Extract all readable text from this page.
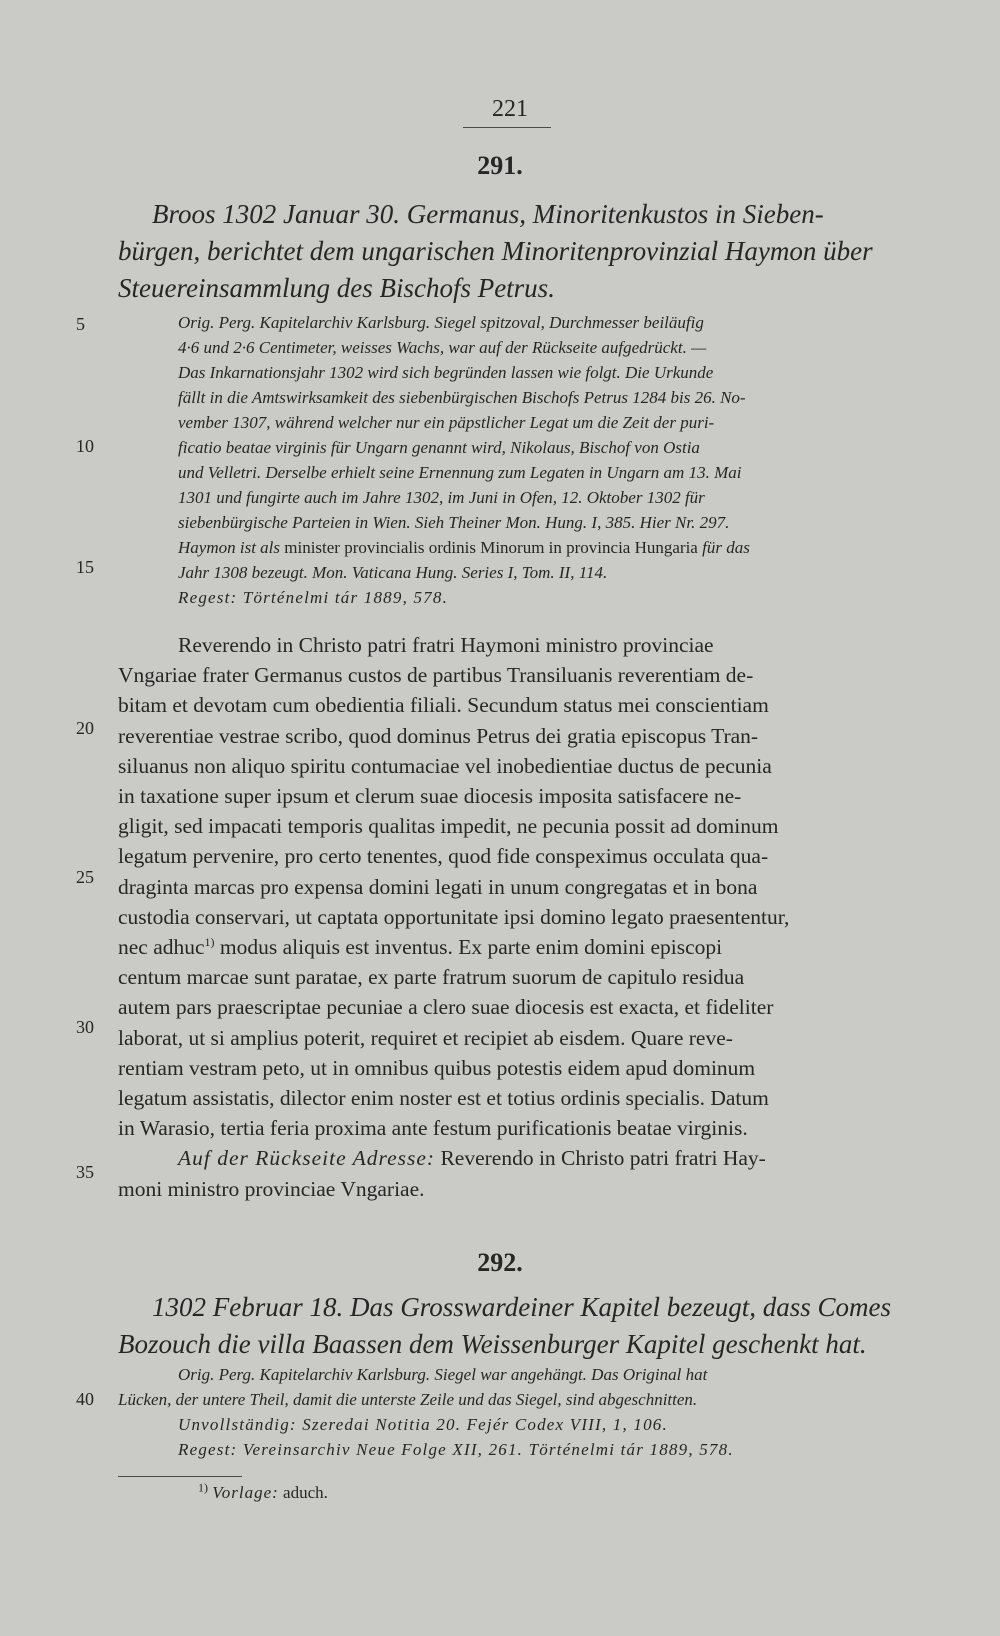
221
5
10
15
20
25
30
35
40
291.
Broos 1302 Januar 30. Germanus, Minoritenkustos in Sieben-
bürgen, berichtet dem ungarischen Minoritenprovinzial Haymon über
Steuereinsammlung des Bischofs Petrus.
Orig. Perg. Kapitelarchiv Karlsburg. Siegel spitzoval, Durchmesser beiläufig
4·6 und 2·6 Centimeter, weisses Wachs, war auf der Rückseite aufgedrückt. —
Das Inkarnationsjahr 1302 wird sich begründen lassen wie folgt. Die Urkunde
fällt in die Amtswirksamkeit des siebenbürgischen Bischofs Petrus 1284 bis 26. No-
vember 1307, während welcher nur ein päpstlicher Legat um die Zeit der puri-
ficatio beatae virginis für Ungarn genannt wird, Nikolaus, Bischof von Ostia
und Velletri. Derselbe erhielt seine Ernennung zum Legaten in Ungarn am 13. Mai
1301 und fungirte auch im Jahre 1302, im Juni in Ofen, 12. Oktober 1302 für
siebenbürgische Parteien in Wien. Sieh Theiner Mon. Hung. I, 385. Hier Nr. 297.
Haymon ist als minister provincialis ordinis Minorum in provincia Hungaria für das
Jahr 1308 bezeugt. Mon. Vaticana Hung. Series I, Tom. II, 114.
Regest: Történelmi tár 1889, 578.
Reverendo in Christo patri fratri Haymoni ministro provinciae
Vngariae frater Germanus custos de partibus Transiluanis reverentiam de-
bitam et devotam cum obedientia filiali. Secundum status mei conscientiam
reverentiae vestrae scribo, quod dominus Petrus dei gratia episcopus Tran-
siluanus non aliquo spiritu contumaciae vel inobedientiae ductus de pecunia
in taxatione super ipsum et clerum suae diocesis imposita satisfacere ne-
gligit, sed impacati temporis qualitas impedit, ne pecunia possit ad dominum
legatum pervenire, pro certo tenentes, quod fide conspeximus occulata qua-
draginta marcas pro expensa domini legati in unum congregatas et in bona
custodia conservari, ut captata opportunitate ipsi domino legato praesententur,
nec adhuc$^{1)}$ modus aliquis est inventus. Ex parte enim domini episcopi
centum marcae sunt paratae, ex parte fratrum suorum de capitulo residua
autem pars praescriptae pecuniae a clero suae diocesis est exacta, et fideliter
laborat, ut si amplius poterit, requiret et recipiet ab eisdem. Quare reve-
rentiam vestram peto, ut in omnibus quibus potestis eidem apud dominum
legatum assistatis, dilector enim noster est et totius ordinis specialis. Datum
in Warasio, tertia feria proxima ante festum purificationis beatae virginis.
Auf der Rückseite Adresse: Reverendo in Christo patri fratri Hay-
moni ministro provinciae Vngariae.
292.
1302 Februar 18. Das Grosswardeiner Kapitel bezeugt, dass Comes
Bozouch die villa Baassen dem Weissenburger Kapitel geschenkt hat.
Orig. Perg. Kapitelarchiv Karlsburg. Siegel war angehängt. Das Original hat
Lücken, der untere Theil, damit die unterste Zeile und das Siegel, sind abgeschnitten.
Unvollständig: Szeredai Notitia 20. Fejér Codex VIII, 1, 106.
Regest: Vereinsarchiv Neue Folge XII, 261. Történelmi tár 1889, 578.
$^{1)}$ Vorlage: aduch.
